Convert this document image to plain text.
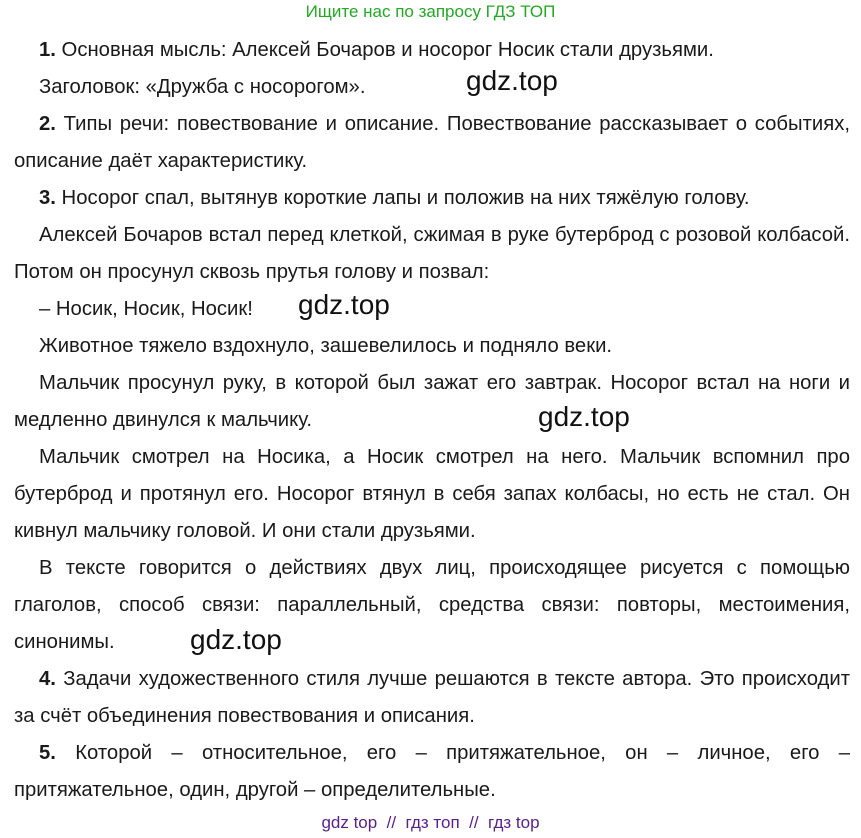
Ищите нас по запросу ГДЗ ТОП

1. Основная мысль: Алексей Бочаров и носорог Носик стали друзьями.

Заголовок: «Дружба с носорогом».

2. Типы речи: повествование и описание. Повествование рассказывает о событиях, описание даёт характеристику.

3. Носорог спал, вытянув короткие лапы и положив на них тяжёлую голову.

Алексей Бочаров встал перед клеткой, сжимая в руке бутерброд с розовой колбасой. Потом он просунул сквозь прутья голову и позвал:

– Носик, Носик, Носик!

Животное тяжело вздохнуло, зашевелилось и подняло веки.

Мальчик просунул руку, в которой был зажат его завтрак. Носорог встал на ноги и медленно двинулся к мальчику.

Мальчик смотрел на Носика, а Носик смотрел на него. Мальчик вспомнил про бутерброд и протянул его. Носорог втянул в себя запах колбасы, но есть не стал. Он кивнул мальчику головой. И они стали друзьями.

В тексте говорится о действиях двух лиц, происходящее рисуется с помощью глаголов, способ связи: параллельный, средства связи: повторы, местоимения, синонимы.

4. Задачи художественного стиля лучше решаются в тексте автора. Это происходит за счёт объединения повествования и описания.

5. Которой – относительное, его – притяжательное, он – личное, его – притяжательное, один, другой – определительные.

gdz.top
gdz.top
gdz.top
gdz.top
gdz top  //  гдз топ  //  гдз top
